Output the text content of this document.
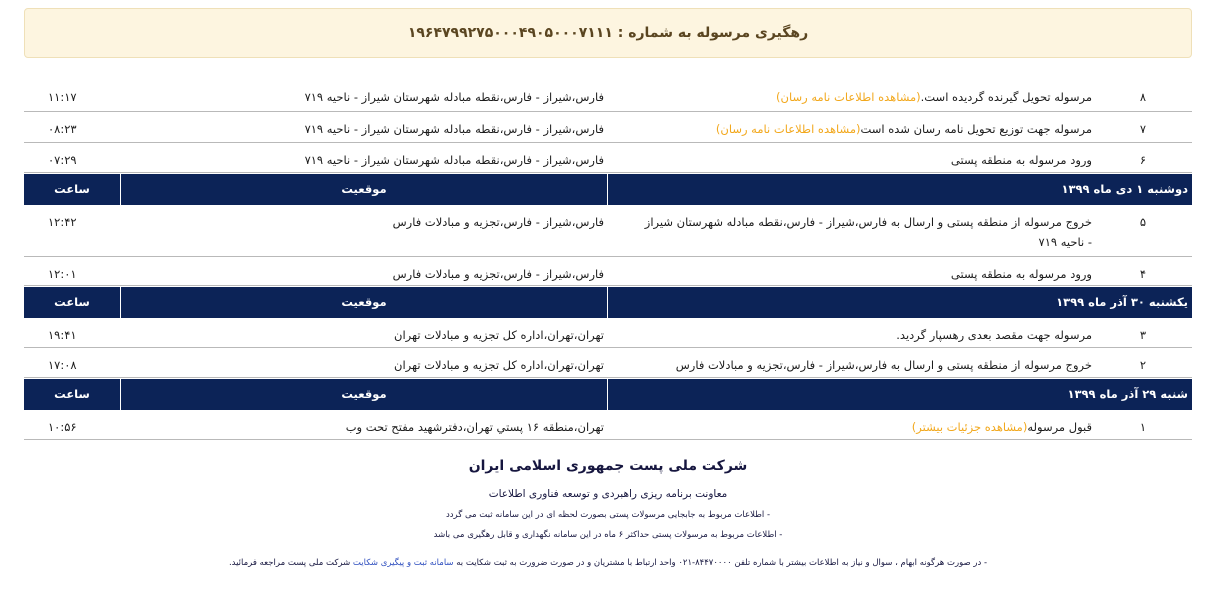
رهگیری مرسوله به شماره : ۱۹۶۴۷۹۹۲۷۵۰۰۰۴۹۰۵۰۰۰۷۱۱۱
۸
مرسوله تحویل گیرنده گردیده است.(مشاهده اطلاعات نامه رسان)
فارس،شیراز - فارس،نقطه مبادله شهرستان شیراز - ناحیه ۷۱۹
۱۱:۱۷
۷
مرسوله جهت توزیع تحویل نامه رسان شده است(مشاهده اطلاعات نامه رسان)
فارس،شیراز - فارس،نقطه مبادله شهرستان شیراز - ناحیه ۷۱۹
۰۸:۲۳
۶
ورود مرسوله به منطقه پستی
فارس،شیراز - فارس،نقطه مبادله شهرستان شیراز - ناحیه ۷۱۹
۰۷:۲۹
دوشنبه ۱ دی ماه ۱۳۹۹
موقعیت
ساعت
۵
خروج مرسوله از منطقه پستی و ارسال به فارس،شیراز - فارس،نقطه مبادله شهرستان شیراز - ناحیه ۷۱۹
فارس،شیراز - فارس،تجزیه و مبادلات فارس
۱۲:۴۲
۴
ورود مرسوله به منطقه پستی
فارس،شیراز - فارس،تجزیه و مبادلات فارس
۱۲:۰۱
یکشنبه ۳۰ آذر ماه ۱۳۹۹
موقعیت
ساعت
۳
مرسوله جهت مقصد بعدی رهسپار گردید.
تهران،تهران،اداره کل تجزیه و مبادلات تهران
۱۹:۴۱
۲
خروج مرسوله از منطقه پستی و ارسال به فارس،شیراز - فارس،تجزیه و مبادلات فارس
تهران،تهران،اداره کل تجزیه و مبادلات تهران
۱۷:۰۸
شنبه ۲۹ آذر ماه ۱۳۹۹
موقعیت
ساعت
۱
قبول مرسوله(مشاهده جزئیات بیشتر)
تهران،منطقه ۱۶ پستي تهران،دفترشهید مفتح تحت وب
۱۰:۵۶
شرکت ملی پست جمهوری اسلامی ایران
معاونت برنامه ریزی راهبردی و توسعه فناوری اطلاعات
- اطلاعات مربوط به جابجایی مرسولات پستی بصورت لحظه ای در این سامانه ثبت می گردد
- اطلاعات مربوط به مرسولات پستی حداکثر ۶ ماه در این سامانه نگهداری و قابل رهگیری می باشد
- در صورت هرگونه ابهام ، سوال و نیاز به اطلاعات بیشتر با شماره تلفن ۸۴۴۷۰۰۰۰-۰۲۱ واحد ارتباط با مشتریان و در صورت ضرورت به ثبت شکایت به سامانه ثبت و پیگیری شکایت شرکت ملی پست مراجعه فرمائید.
